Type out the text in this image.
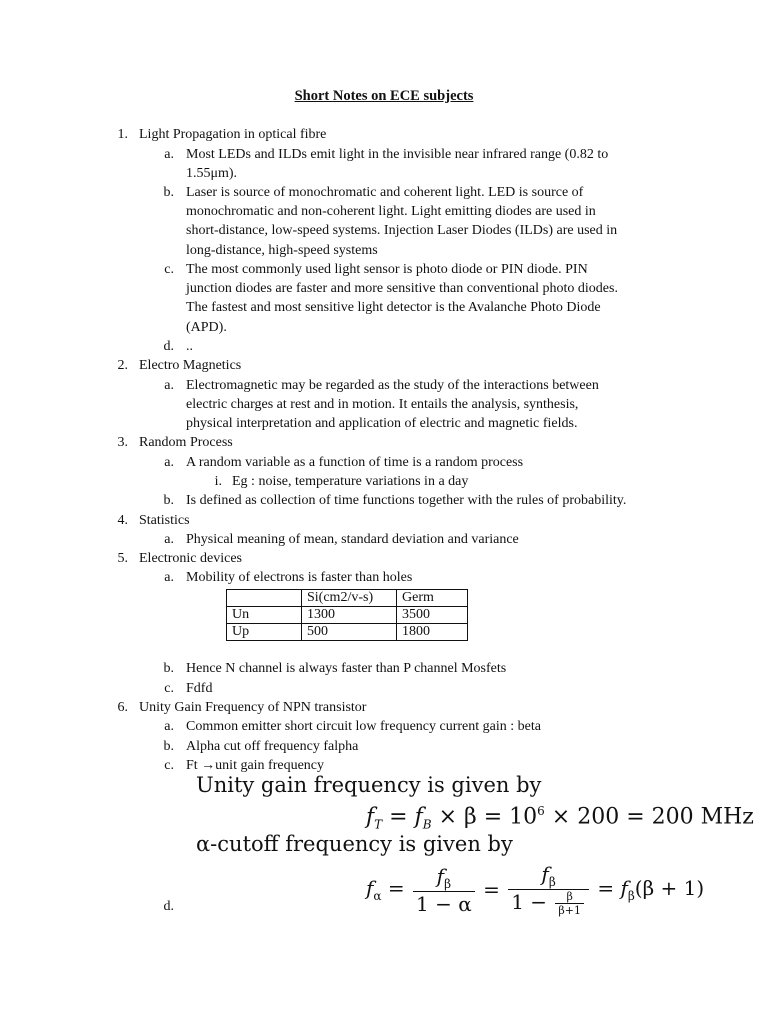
Short Notes on ECE subjects
1. Light Propagation in optical fibre
a. Most LEDs and ILDs emit light in the invisible near infrared range (0.82 to
1.55μm).
b. Laser is source of monochromatic and coherent light. LED is source of
monochromatic and non-coherent light. Light emitting diodes are used in
short-distance, low-speed systems. Injection Laser Diodes (ILDs) are used in
long-distance, high-speed systems
c. The most commonly used light sensor is photo diode or PIN diode. PIN
junction diodes are faster and more sensitive than conventional photo diodes.
The fastest and most sensitive light detector is the Avalanche Photo Diode
(APD).
d. ..
2. Electro Magnetics
a. Electromagnetic may be regarded as the study of the interactions between
electric charges at rest and in motion. It entails the analysis, synthesis,
physical interpretation and application of electric and magnetic fields.
3. Random Process
a. A random variable as a function of time is a random process
i. Eg : noise, temperature variations in a day
b. Is defined as collection of time functions together with the rules of probability.
4. Statistics
a. Physical meaning of mean, standard deviation and variance
5. Electronic devices
a. Mobility of electrons is faster than holes
	Si(cm2/v-s)	Germ
Un	1300	3500
Up	500	1800
b. Hence N channel is always faster than P channel Mosfets
c. Fdfd
6. Unity Gain Frequency of NPN transistor
a. Common emitter short circuit low frequency current gain : beta
b. Alpha cut off frequency falpha
c. Ft →unit gain frequency
Unity gain frequency is given by
$f_T = f_B \times \beta = 10^6 \times 200 = 200$ MHz
α-cutoff frequency is given by
$f_\alpha = \frac{f_\beta}{1 - \alpha} = \frac{f_\beta}{1 - \frac{\beta}{\beta+1}} = f_\beta(\beta + 1)$
d.
